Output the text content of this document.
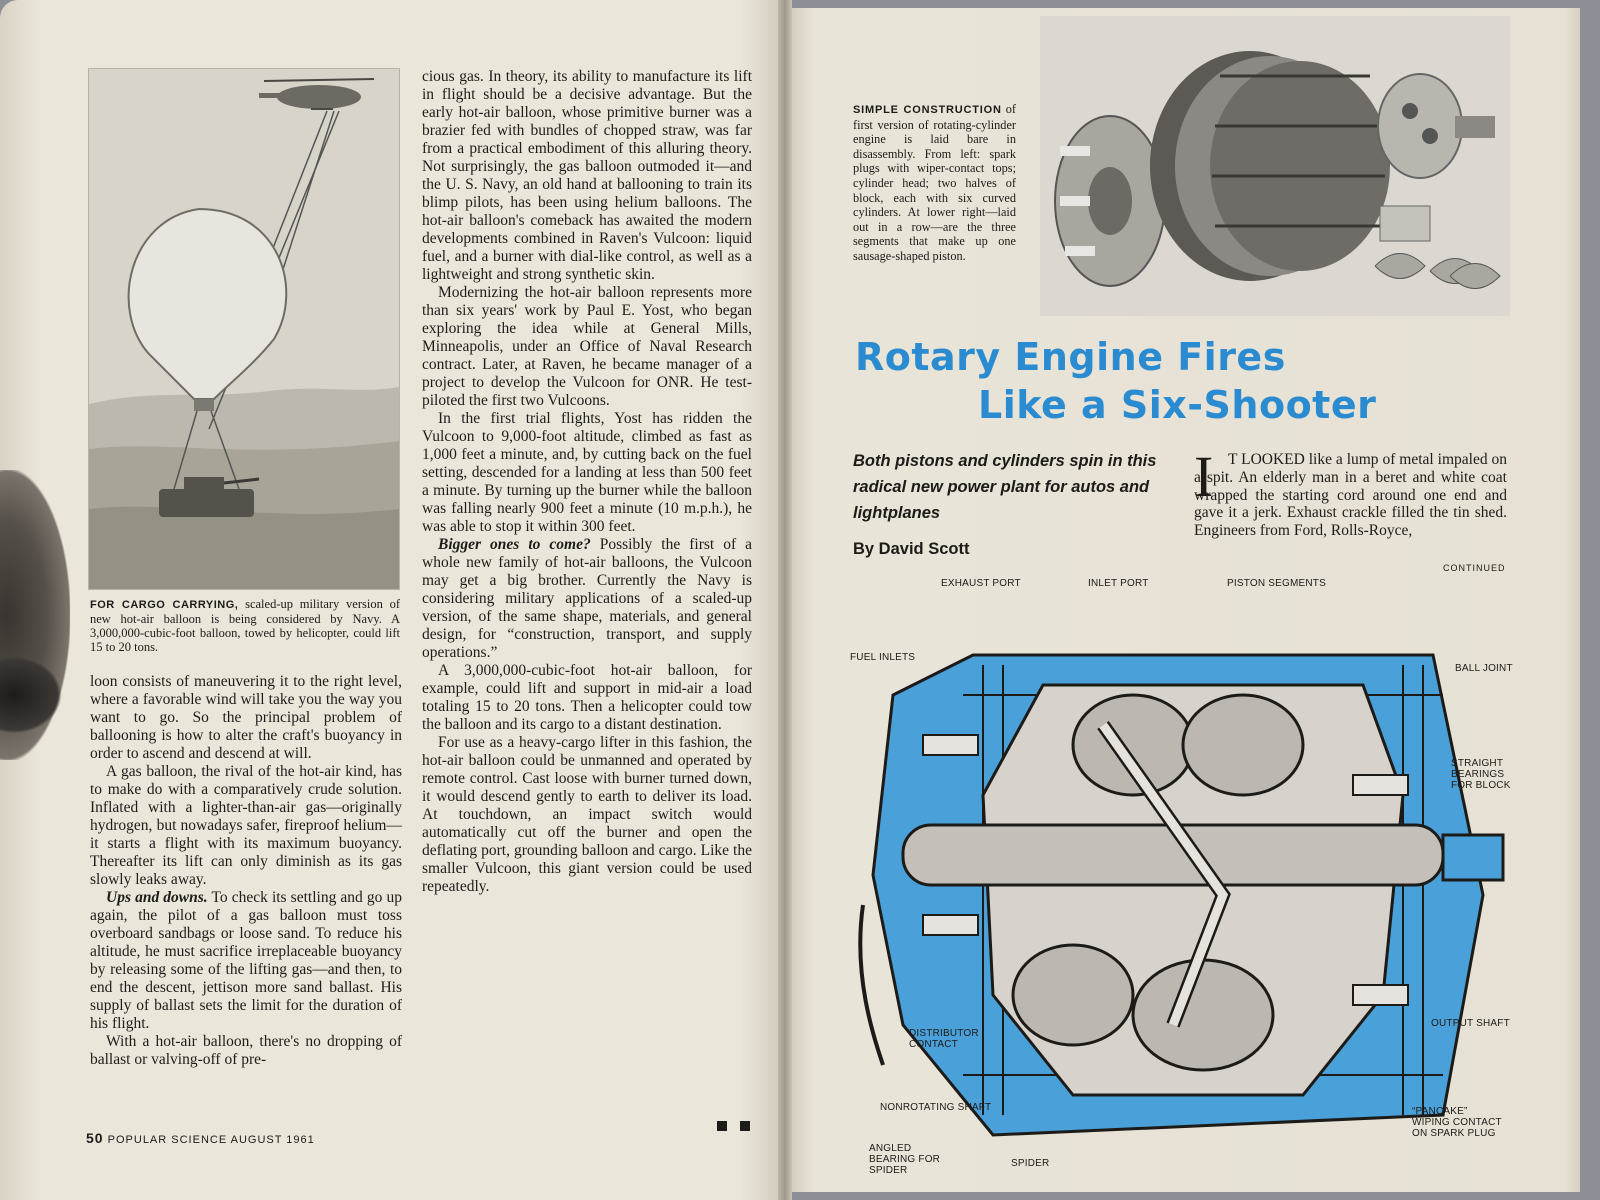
FOR CARGO CARRYING, scaled-up military version of new hot-air balloon is being considered by Navy. A 3,000,000-cubic-foot balloon, towed by helicopter, could lift 15 to 20 tons.

loon consists of maneuvering it to the right level, where a favorable wind will take you the way you want to go. So the principal problem of ballooning is how to alter the craft's buoyancy in order to ascend and descend at will.

A gas balloon, the rival of the hot-air kind, has to make do with a comparatively crude solution. Inflated with a lighter-than-air gas—originally hydrogen, but nowadays safer, fireproof helium—it starts a flight with its maximum buoyancy. Thereafter its lift can only diminish as its gas slowly leaks away.

Ups and downs. To check its settling and go up again, the pilot of a gas balloon must toss overboard sandbags or loose sand. To reduce his altitude, he must sacrifice irreplaceable buoyancy by releasing some of the lifting gas—and then, to end the descent, jettison more sand ballast. His supply of ballast sets the limit for the duration of his flight.

With a hot-air balloon, there's no dropping of ballast or valving-off of pre-

cious gas. In theory, its ability to manufacture its lift in flight should be a decisive advantage. But the early hot-air balloon, whose primitive burner was a brazier fed with bundles of chopped straw, was far from a practical embodiment of this alluring theory. Not surprisingly, the gas balloon outmoded it—and the U. S. Navy, an old hand at ballooning to train its blimp pilots, has been using helium balloons. The hot-air balloon's comeback has awaited the modern developments combined in Raven's Vulcoon: liquid fuel, and a burner with dial-like control, as well as a lightweight and strong synthetic skin.

Modernizing the hot-air balloon represents more than six years' work by Paul E. Yost, who began exploring the idea while at General Mills, Minneapolis, under an Office of Naval Research contract. Later, at Raven, he became manager of a project to develop the Vulcoon for ONR. He test-piloted the first two Vulcoons.

In the first trial flights, Yost has ridden the Vulcoon to 9,000-foot altitude, climbed as fast as 1,000 feet a minute, and, by cutting back on the fuel setting, descended for a landing at less than 500 feet a minute. By turning up the burner while the balloon was falling nearly 900 feet a minute (10 m.p.h.), he was able to stop it within 300 feet.

Bigger ones to come? Possibly the first of a whole new family of hot-air balloons, the Vulcoon may get a big brother. Currently the Navy is considering military applications of a scaled-up version, of the same shape, materials, and general design, for “construction, transport, and supply operations.”

A 3,000,000-cubic-foot hot-air balloon, for example, could lift and support in mid-air a load totaling 15 to 20 tons. Then a helicopter could tow the balloon and its cargo to a distant destination.

For use as a heavy-cargo lifter in this fashion, the hot-air balloon could be unmanned and operated by remote control. Cast loose with burner turned down, it would descend gently to earth to deliver its load. At touchdown, an impact switch would automatically cut off the burner and open the deflating port, grounding balloon and cargo. Like the smaller Vulcoon, this giant version could be used repeatedly.

50 POPULAR SCIENCE AUGUST 1961
SIMPLE CONSTRUCTION of first version of rotating-cylinder engine is laid bare in disassembly. From left: spark plugs with wiper-contact tops; cylinder head; two halves of block, each with six curved cylinders. At lower right—laid out in a row—are the three segments that make up one sausage-shaped piston.
Rotary Engine Fires
Like a Six-Shooter
Both pistons and cylinders spin in this radical new power plant for autos and lightplanes
By David Scott
I T LOOKED like a lump of metal impaled on a spit. An elderly man in a beret and white coat wrapped the starting cord around one end and gave it a jerk. Exhaust crackle filled the tin shed. Engineers from Ford, Rolls-Royce,
CONTINUED
EXHAUST PORT	INLET PORT	PISTON SEGMENTS
FUEL INLETS
BALL JOINT
STRAIGHT BEARINGS FOR BLOCK
OUTPUT SHAFT
DISTRIBUTOR CONTACT
NONROTATING SHAFT	“PANCAKE” WIPING CONTACT ON SPARK PLUG
ANGLED BEARING FOR SPIDER
SPIDER
